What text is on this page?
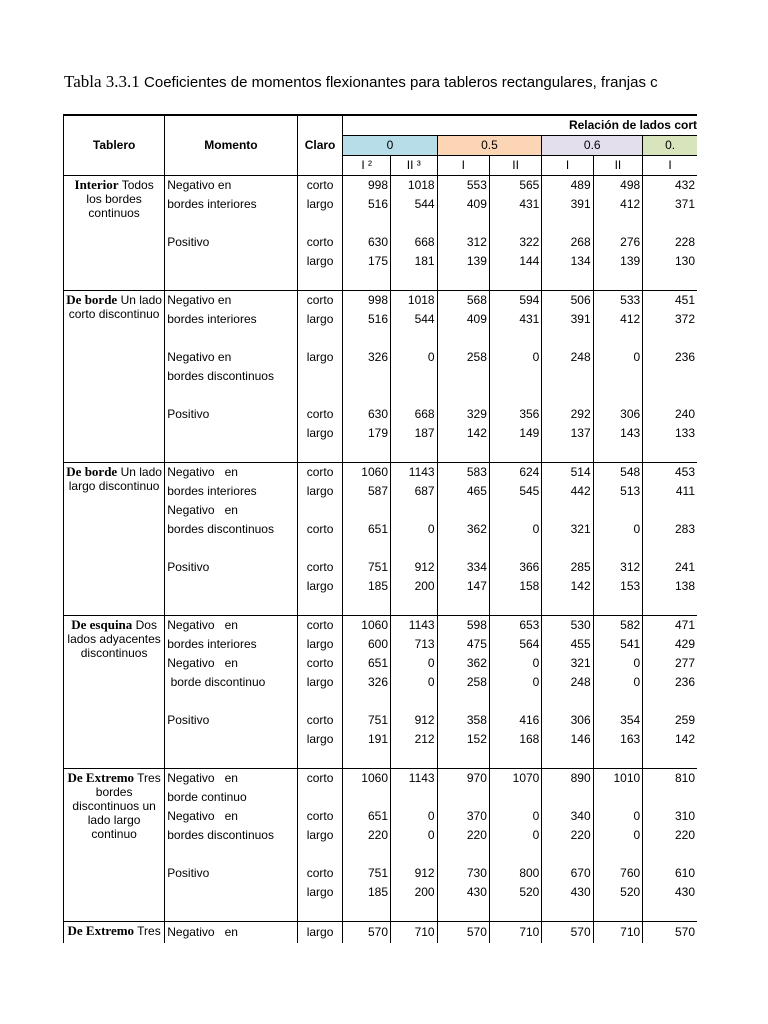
Tabla 3.3.1 Coeficientes de momentos flexionantes para tableros rectangulares, franjas c
Tablero	Momento	Claro	Relación de lados cort						
			0		0.5		0.6		0.
			I ²	II ³	I	II	I	II	I
Interior Todos los bordes continuos	Negativo en	corto	998	1018	553	565	489	498	432
	bordes interiores	largo	516	544	409	431	391	412	371

	Positivo	corto	630	668	312	322	268	276	228
		largo	175	181	139	144	134	139	130

De borde Un lado corto discontinuo	Negativo en	corto	998	1018	568	594	506	533	451
	bordes interiores	largo	516	544	409	431	391	412	372

	Negativo en	largo	326	0	258	0	248	0	236
	bordes discontinuos								

	Positivo	corto	630	668	329	356	292	306	240
		largo	179	187	142	149	137	143	133

De borde Un lado largo discontinuo	Negativo   en	corto	1060	1143	583	624	514	548	453
	bordes interiores	largo	587	687	465	545	442	513	411
	Negativo   en								
	bordes discontinuos	corto	651	0	362	0	321	0	283

	Positivo	corto	751	912	334	366	285	312	241
		largo	185	200	147	158	142	153	138

De esquina Dos lados adyacentes discontinuos	Negativo   en	corto	1060	1143	598	653	530	582	471
	bordes interiores	largo	600	713	475	564	455	541	429
	Negativo   en	corto	651	0	362	0	321	0	277
	borde discontinuo	largo	326	0	258	0	248	0	236

	Positivo	corto	751	912	358	416	306	354	259
		largo	191	212	152	168	146	163	142

De Extremo Tres bordes discontinuos un lado largo continuo	Negativo   en	corto	1060	1143	970	1070	890	1010	810
	borde continuo								
	Negativo   en	corto	651	0	370	0	340	0	310
	bordes discontinuos	largo	220	0	220	0	220	0	220

	Positivo	corto	751	912	730	800	670	760	610
		largo	185	200	430	520	430	520	430

De Extremo Tres	Negativo   en	largo	570	710	570	710	570	710	570
